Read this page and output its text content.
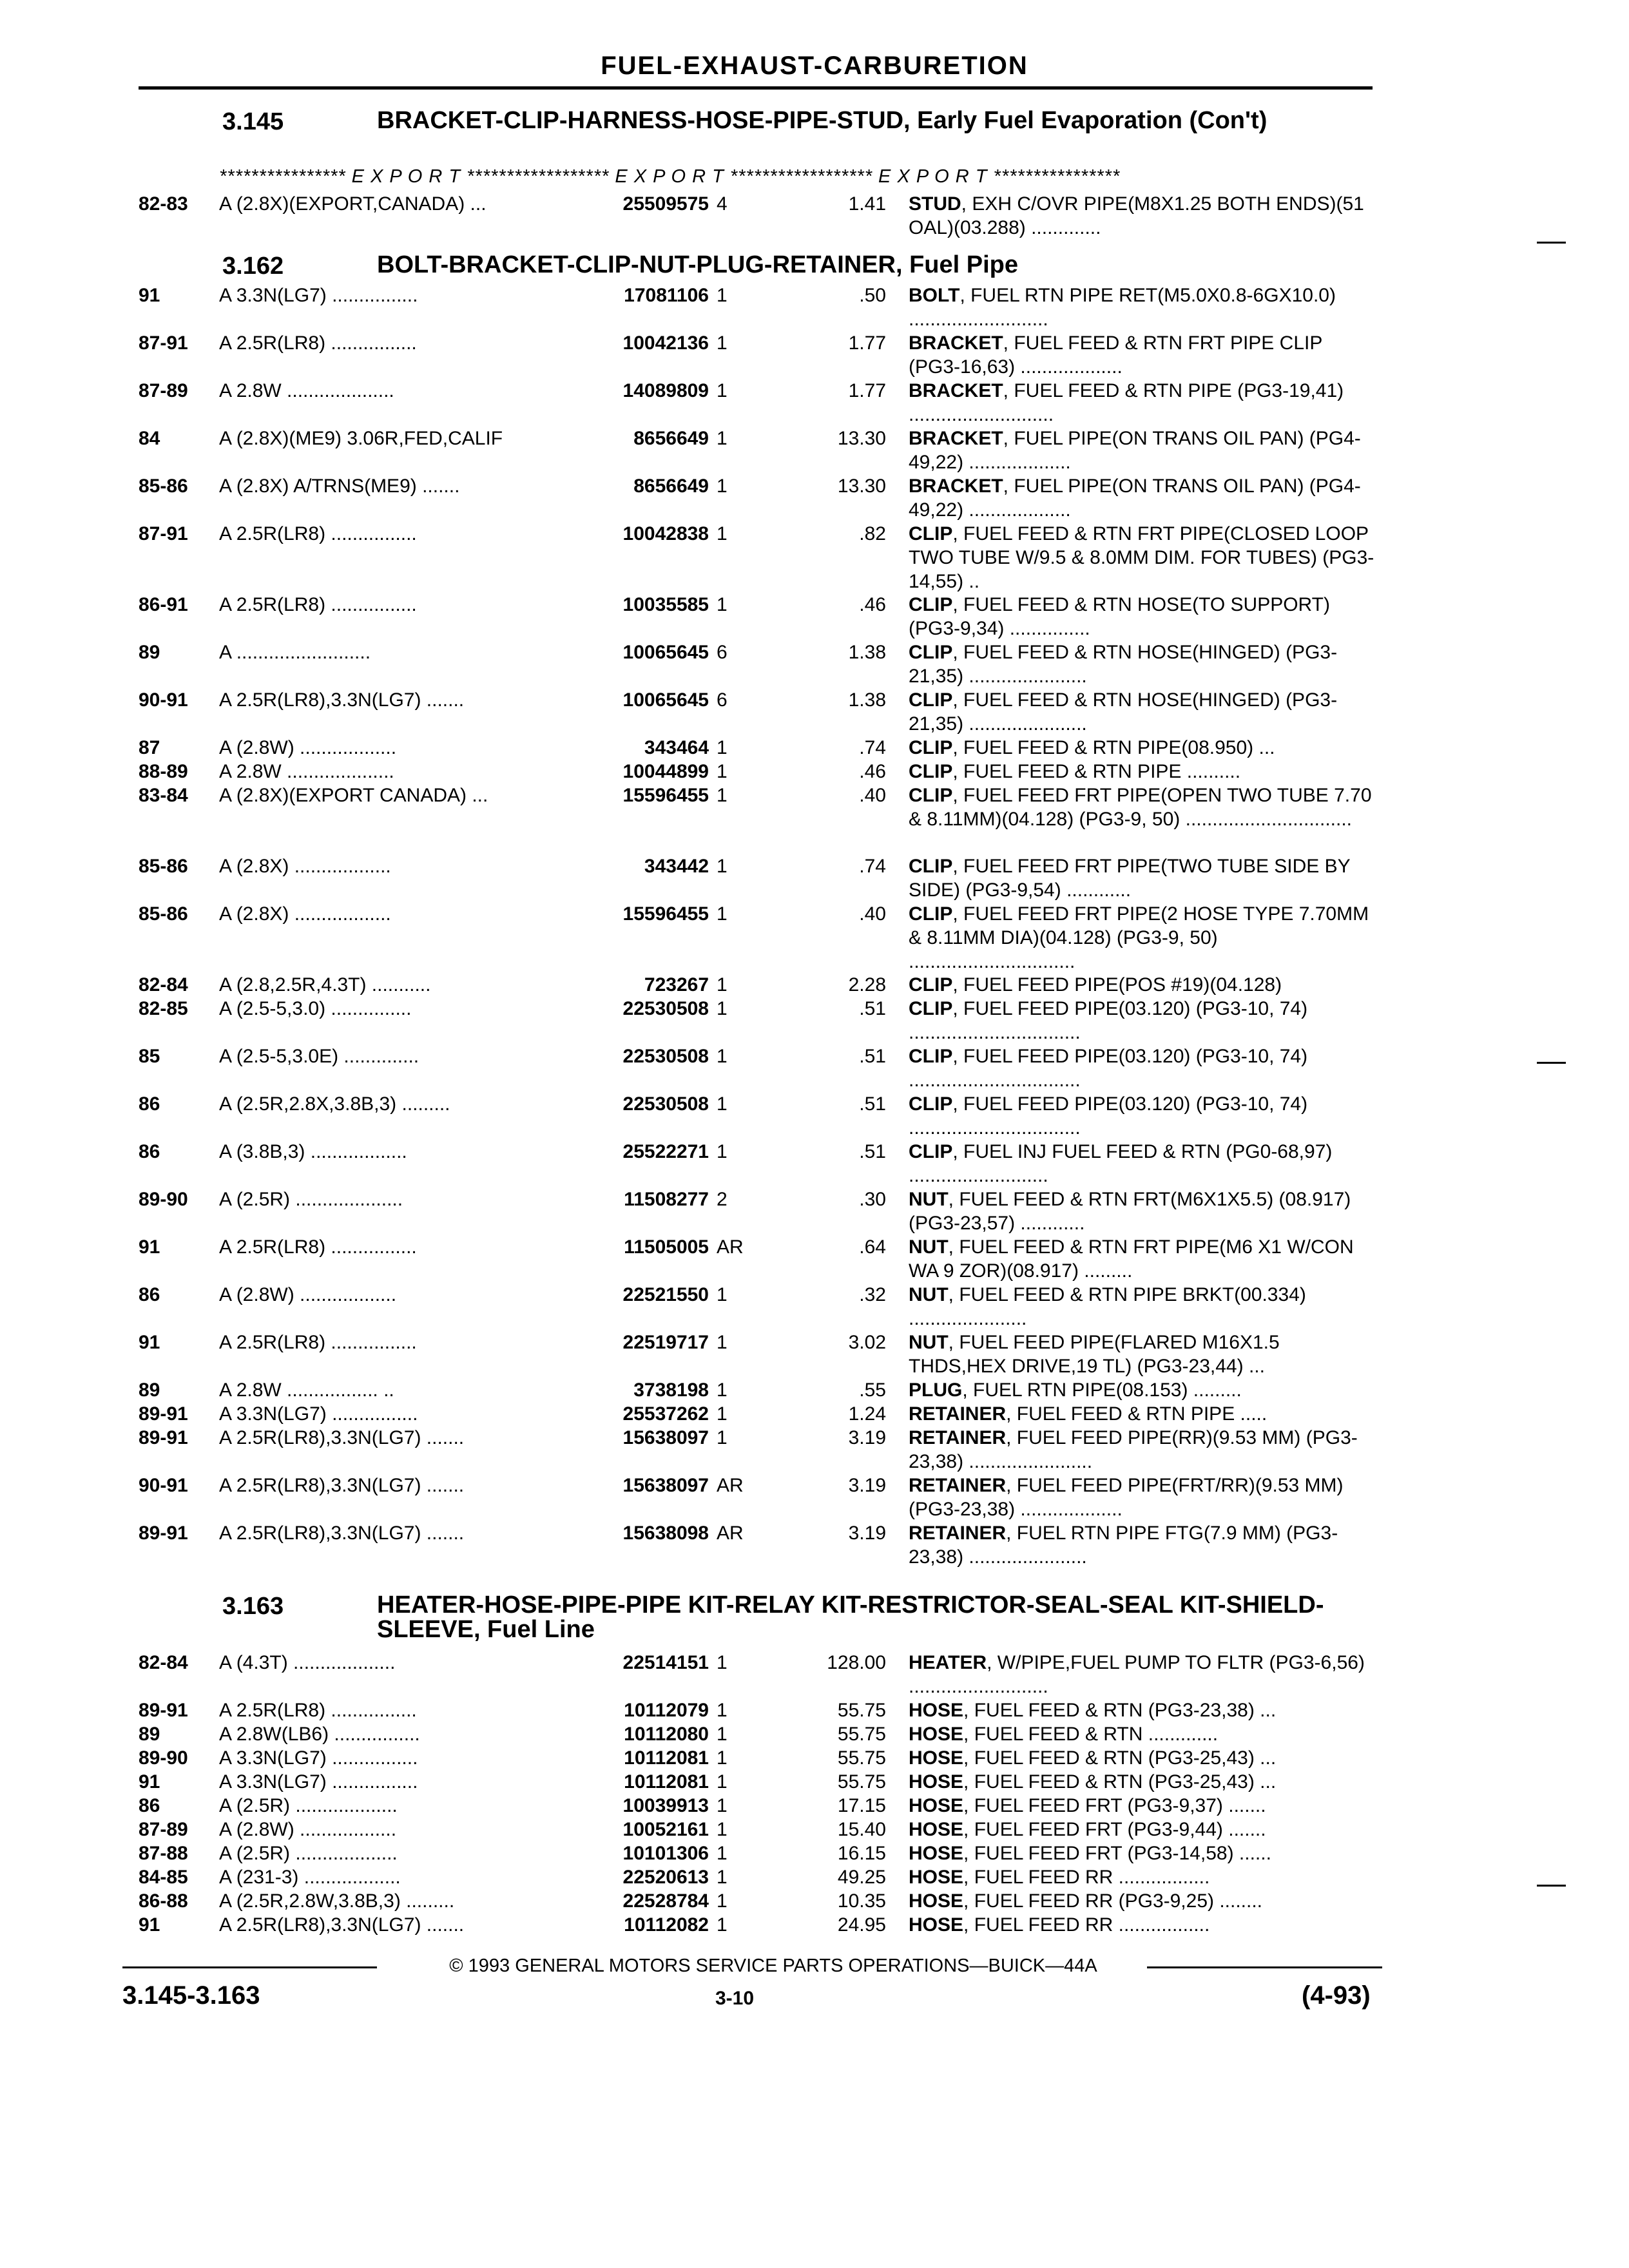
FUEL-EXHAUST-CARBURETION
3.145	BRACKET-CLIP-HARNESS-HOSE-PIPE-STUD, Early Fuel Evaporation (Con't)
**************** E X P O R T ****************** E X P O R T ****************** E X P O R T ****************
3.162	BOLT-BRACKET-CLIP-NUT-PLUG-RETAINER, Fuel Pipe
3.163	HEATER-HOSE-PIPE-PIPE KIT-RELAY KIT-RESTRICTOR-SEAL-SEAL KIT-SHIELD-SLEEVE, Fuel Line
82-83	A (2.8X)(EXPORT,CANADA) ...	25509575 4	1.41 STUD, EXH C/OVR PIPE(M8X1.25 BOTH ENDS)(51 OAL)(03.288) .............
91	A 3.3N(LG7) ................	17081106 1	.50 BOLT, FUEL RTN PIPE RET(M5.0X0.8-6GX10.0) ..........................
87-91	A 2.5R(LR8) ................	10042136 1	1.77 BRACKET, FUEL FEED & RTN FRT PIPE CLIP (PG3-16,63) ...................
87-89	A 2.8W ....................	14089809 1	1.77 BRACKET, FUEL FEED & RTN PIPE (PG3-19,41) ...........................
84	A (2.8X)(ME9) 3.06R,FED,CALIF	8656649 1	13.30 BRACKET, FUEL PIPE(ON TRANS OIL PAN) (PG4-49,22) ...................
85-86	A (2.8X) A/TRNS(ME9) .......	8656649 1	13.30 BRACKET, FUEL PIPE(ON TRANS OIL PAN) (PG4-49,22) ...................
87-91	A 2.5R(LR8) ................	10042838 1	.82 CLIP, FUEL FEED & RTN FRT PIPE(CLOSED LOOP TWO TUBE W/9.5 & 8.0MM DIM. FOR TUBES) (PG3-14,55) ..
86-91	A 2.5R(LR8) ................	10035585 1	.46 CLIP, FUEL FEED & RTN HOSE(TO SUPPORT) (PG3-9,34) ...............
89	A .........................	10065645 6	1.38 CLIP, FUEL FEED & RTN HOSE(HINGED) (PG3-21,35) ......................
90-91	A 2.5R(LR8),3.3N(LG7) .......	10065645 6	1.38 CLIP, FUEL FEED & RTN HOSE(HINGED) (PG3-21,35) ......................
87	A (2.8W) ..................	343464 1	.74 CLIP, FUEL FEED & RTN PIPE(08.950) ...
88-89	A 2.8W ....................	10044899 1	.46 CLIP, FUEL FEED & RTN PIPE ..........
83-84	A (2.8X)(EXPORT CANADA) ...	15596455 1	.40 CLIP, FUEL FEED FRT PIPE(OPEN TWO TUBE 7.70 & 8.11MM)(04.128) (PG3-9, 50) ...............................
85-86	A (2.8X) ..................	343442 1	.74 CLIP, FUEL FEED FRT PIPE(TWO TUBE SIDE BY SIDE) (PG3-9,54) ............
85-86	A (2.8X) ..................	15596455 1	.40 CLIP, FUEL FEED FRT PIPE(2 HOSE TYPE 7.70MM & 8.11MM DIA)(04.128) (PG3-9, 50) ...............................
82-84	A (2.8,2.5R,4.3T) ...........	723267 1	2.28 CLIP, FUEL FEED PIPE(POS #19)(04.128)
82-85	A (2.5-5,3.0) ...............	22530508 1	.51 CLIP, FUEL FEED PIPE(03.120) (PG3-10, 74) ................................
85	A (2.5-5,3.0E) ..............	22530508 1	.51 CLIP, FUEL FEED PIPE(03.120) (PG3-10, 74) ................................
86	A (2.5R,2.8X,3.8B,3) .........	22530508 1	.51 CLIP, FUEL FEED PIPE(03.120) (PG3-10, 74) ................................
86	A (3.8B,3) ..................	25522271 1	.51 CLIP, FUEL INJ FUEL FEED & RTN (PG0-68,97) ..........................
89-90	A (2.5R) ....................	11508277 2	.30 NUT, FUEL FEED & RTN FRT(M6X1X5.5) (08.917) (PG3-23,57) ............
91	A 2.5R(LR8) ................	11505005 AR	.64 NUT, FUEL FEED & RTN FRT PIPE(M6 X1 W/CON WA 9 ZOR)(08.917) .........
86	A (2.8W) ..................	22521550 1	.32 NUT, FUEL FEED & RTN PIPE BRKT(00.334) ......................
91	A 2.5R(LR8) ................	22519717 1	3.02 NUT, FUEL FEED PIPE(FLARED M16X1.5 THDS,HEX DRIVE,19 TL) (PG3-23,44) ...
89	A 2.8W ................. ..	3738198 1	.55 PLUG, FUEL RTN PIPE(08.153) .........
89-91	A 3.3N(LG7) ................	25537262 1	1.24 RETAINER, FUEL FEED & RTN PIPE .....
89-91	A 2.5R(LR8),3.3N(LG7) .......	15638097 1	3.19 RETAINER, FUEL FEED PIPE(RR)(9.53 MM) (PG3-23,38) .......................
90-91	A 2.5R(LR8),3.3N(LG7) .......	15638097 AR	3.19 RETAINER, FUEL FEED PIPE(FRT/RR)(9.53 MM) (PG3-23,38) ...................
89-91	A 2.5R(LR8),3.3N(LG7) .......	15638098 AR	3.19 RETAINER, FUEL RTN PIPE FTG(7.9 MM) (PG3-23,38) ......................
82-84	A (4.3T) ...................	22514151 1	128.00 HEATER, W/PIPE,FUEL PUMP TO FLTR (PG3-6,56) ..........................
89-91	A 2.5R(LR8) ................	10112079 1	55.75 HOSE, FUEL FEED & RTN (PG3-23,38) ...
89	A 2.8W(LB6) ................	10112080 1	55.75 HOSE, FUEL FEED & RTN .............
89-90	A 3.3N(LG7) ................	10112081 1	55.75 HOSE, FUEL FEED & RTN (PG3-25,43) ...
91	A 3.3N(LG7) ................	10112081 1	55.75 HOSE, FUEL FEED & RTN (PG3-25,43) ...
86	A (2.5R) ...................	10039913 1	17.15 HOSE, FUEL FEED FRT (PG3-9,37) .......
87-89	A (2.8W) ..................	10052161 1	15.40 HOSE, FUEL FEED FRT (PG3-9,44) .......
87-88	A (2.5R) ...................	10101306 1	16.15 HOSE, FUEL FEED FRT (PG3-14,58) ......
84-85	A (231-3) ..................	22520613 1	49.25 HOSE, FUEL FEED RR .................
86-88	A (2.5R,2.8W,3.8B,3) .........	22528784 1	10.35 HOSE, FUEL FEED RR (PG3-9,25) ........
91	A 2.5R(LR8),3.3N(LG7) .......	10112082 1	24.95 HOSE, FUEL FEED RR .................
© 1993 GENERAL MOTORS SERVICE PARTS OPERATIONS—BUICK—44A
3.145-3.163	3-10	(4-93)
